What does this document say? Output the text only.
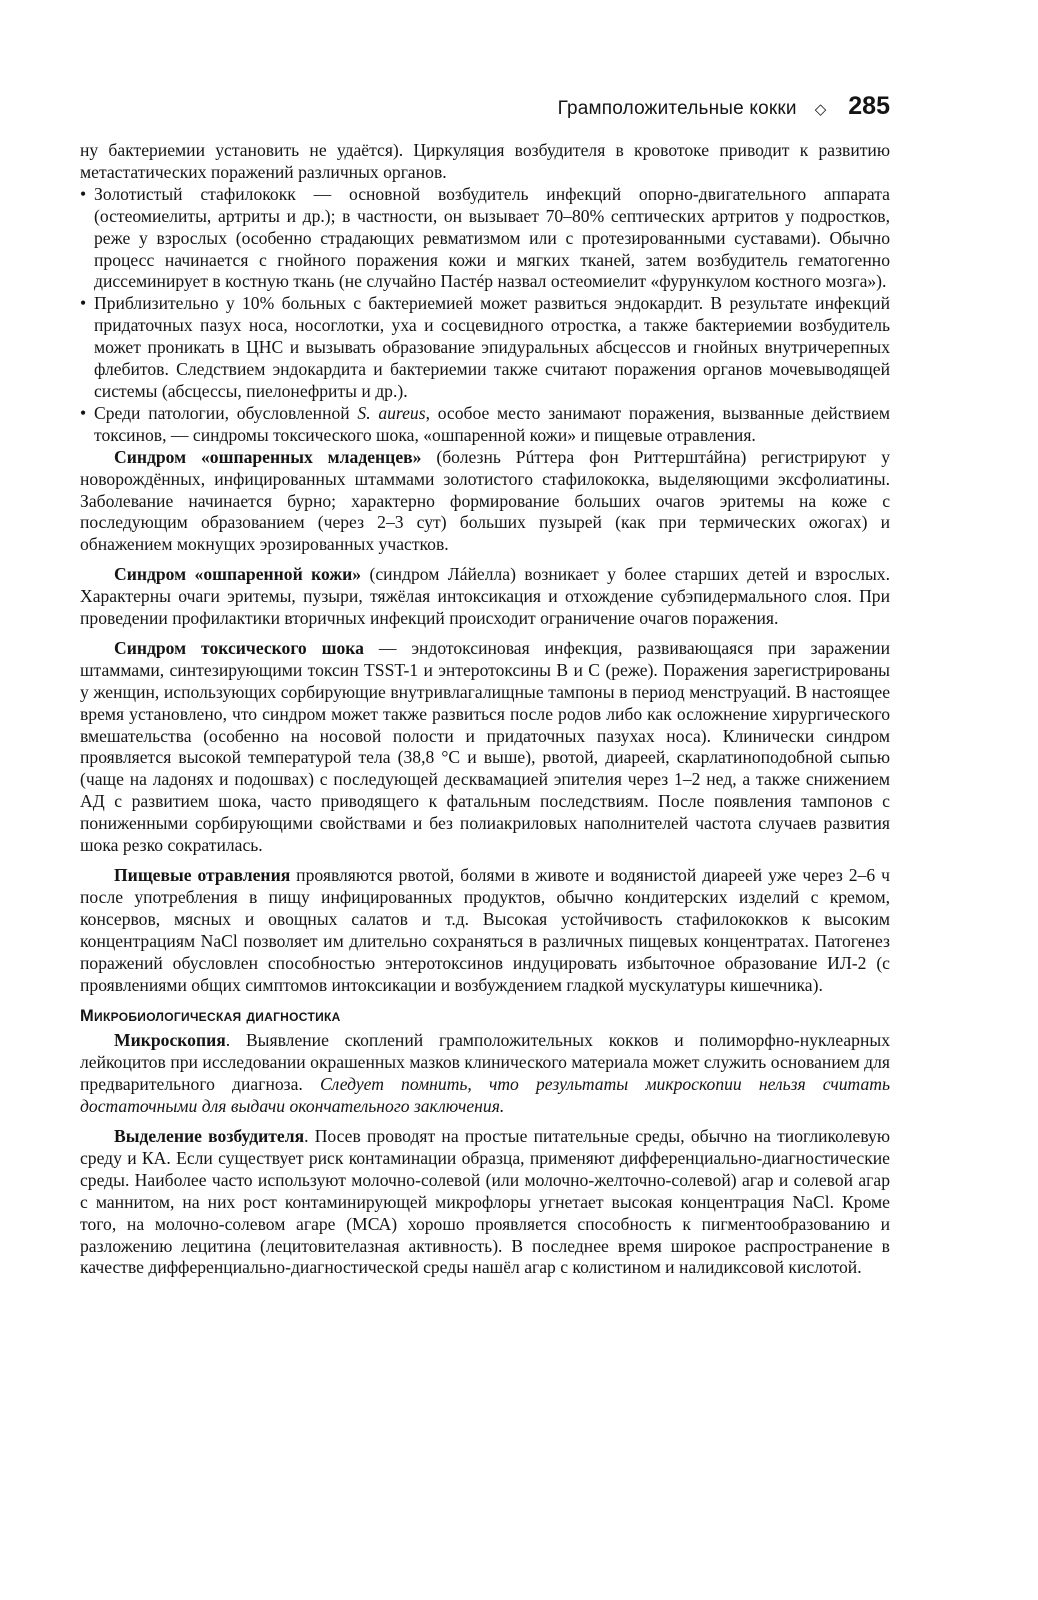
Грамположительные кокки ◇ 285

ну бактериемии установить не удаётся). Циркуляция возбудителя в кровотоке приводит к развитию метастатических поражений различных органов.

• Золотистый стафилококк — основной возбудитель инфекций опорно-двигательного аппарата (остеомиелиты, артриты и др.); в частности, он вызывает 70–80% септических артритов у подростков, реже у взрослых (особенно страдающих ревматизмом или с протезированными суставами). Обычно процесс начинается с гнойного поражения кожи и мягких тканей, затем возбудитель гематогенно диссеминирует в костную ткань (не случайно Пастéр назвал остеомиелит «фурункулом костного мозга»).

• Приблизительно у 10% больных с бактериемией может развиться эндокардит. В результате инфекций придаточных пазух носа, носоглотки, уха и сосцевидного отростка, а также бактериемии возбудитель может проникать в ЦНС и вызывать образование эпидуральных абсцессов и гнойных внутричерепных флебитов. Следствием эндокардита и бактериемии также считают поражения органов мочевыводящей системы (абсцессы, пиелонефриты и др.).

• Среди патологии, обусловленной S. aureus, особое место занимают поражения, вызванные действием токсинов, — синдромы токсического шока, «ошпаренной кожи» и пищевые отравления.

Синдром «ошпаренных младенцев» (болезнь Рúттера фон Риттерштáйна) регистрируют у новорождённых, инфицированных штаммами золотистого стафилококка, выделяющими эксфолиатины. Заболевание начинается бурно; характерно формирование больших очагов эритемы на коже с последующим образованием (через 2–3 сут) больших пузырей (как при термических ожогах) и обнажением мокнущих эрозированных участков.

Синдром «ошпаренной кожи» (синдром Лáйелла) возникает у более старших детей и взрослых. Характерны очаги эритемы, пузыри, тяжёлая интоксикация и отхождение субэпидермального слоя. При проведении профилактики вторичных инфекций происходит ограничение очагов поражения.

Синдром токсического шока — эндотоксиновая инфекция, развивающаяся при заражении штаммами, синтезирующими токсин TSST-1 и энтеротоксины В и С (реже). Поражения зарегистрированы у женщин, использующих сорбирующие внутривлагалищные тампоны в период менструаций. В настоящее время установлено, что синдром может также развиться после родов либо как осложнение хирургического вмешательства (особенно на носовой полости и придаточных пазухах носа). Клинически синдром проявляется высокой температурой тела (38,8 °С и выше), рвотой, диареей, скарлатиноподобной сыпью (чаще на ладонях и подошвах) с последующей десквамацией эпителия через 1–2 нед, а также снижением АД с развитием шока, часто приводящего к фатальным последствиям. После появления тампонов с пониженными сорбирующими свойствами и без полиакриловых наполнителей частота случаев развития шока резко сократилась.

Пищевые отравления проявляются рвотой, болями в животе и водянистой диареей уже через 2–6 ч после употребления в пищу инфицированных продуктов, обычно кондитерских изделий с кремом, консервов, мясных и овощных салатов и т.д. Высокая устойчивость стафилококков к высоким концентрациям NaCl позволяет им длительно сохраняться в различных пищевых концентратах. Патогенез поражений обусловлен способностью энтеротоксинов индуцировать избыточное образование ИЛ-2 (с проявлениями общих симптомов интоксикации и возбуждением гладкой мускулатуры кишечника).

Микробиологическая диагностика

Микроскопия. Выявление скоплений грамположительных кокков и полиморфно-нуклеарных лейкоцитов при исследовании окрашенных мазков клинического материала может служить основанием для предварительного диагноза. Следует помнить, что результаты микроскопии нельзя считать достаточными для выдачи окончательного заключения.

Выделение возбудителя. Посев проводят на простые питательные среды, обычно на тиогликолевую среду и КА. Если существует риск контаминации образца, применяют дифференциально-диагностические среды. Наиболее часто используют молочно-солевой (или молочно-желточно-солевой) агар и солевой агар с маннитом, на них рост контаминирующей микрофлоры угнетает высокая концентрация NaCl. Кроме того, на молочно-солевом агаре (МСА) хорошо проявляется способность к пигментообразованию и разложению лецитина (лецитовителазная активность). В последнее время широкое распространение в качестве дифференциально-диагностической среды нашёл агар с колистином и налидиксовой кислотой.
